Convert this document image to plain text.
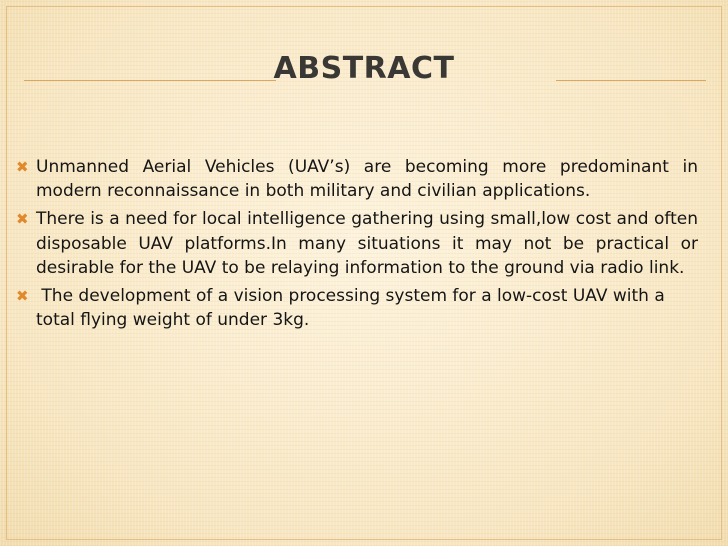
ABSTRACT
✖ Unmanned Aerial Vehicles (UAV’s) are becoming more predominant in modern reconnaissance in both military and civilian applications.
✖ There is a need for local intelligence gathering using small,low cost and often disposable UAV platforms.In many situations it may not be practical or desirable for the UAV to be relaying information to the ground via radio link.
✖ The development of a vision processing system for a low-cost UAV with a total flying weight of under 3kg.
